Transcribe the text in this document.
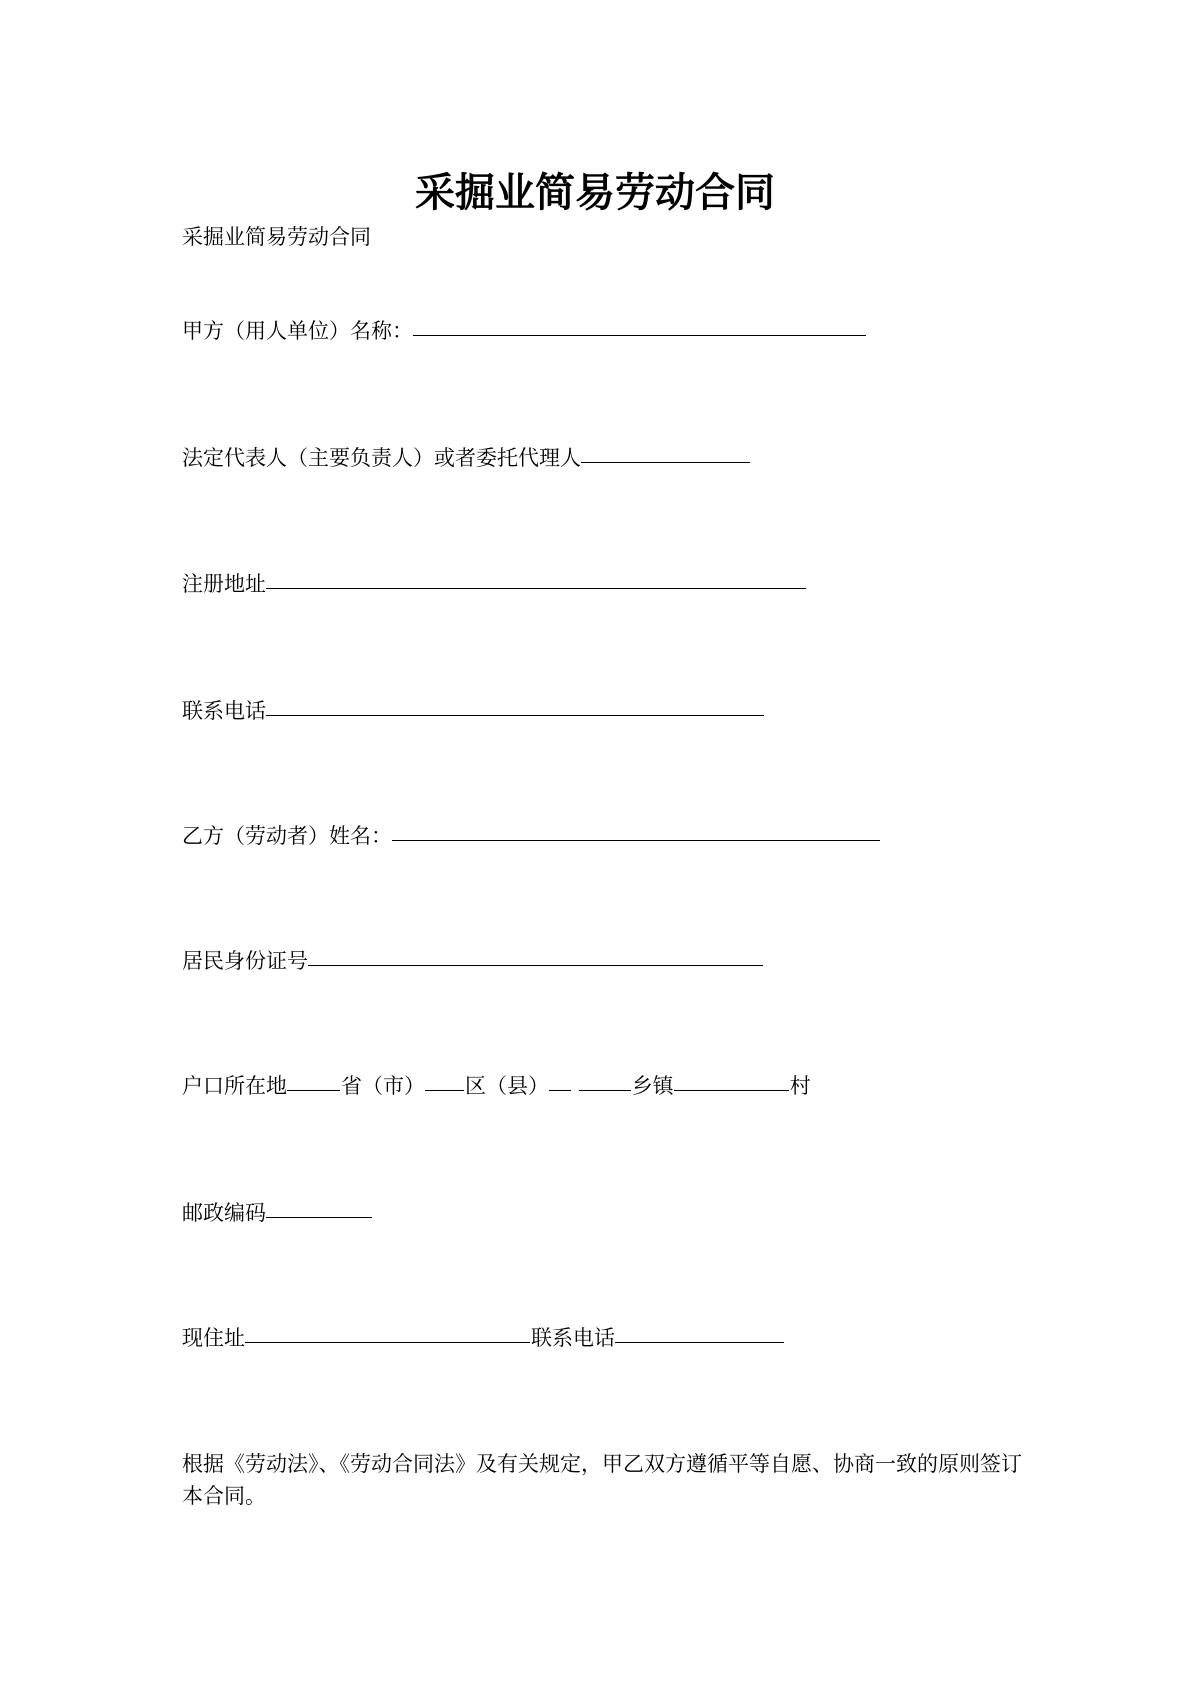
采掘业简易劳动合同
采掘业简易劳动合同
甲方（用人单位）名称：
法定代表人（主要负责人）或者委托代理人
注册地址
联系电话
乙方（劳动者）姓名：
居民身份证号
户口所在地	省（市） 区（县）	乡镇	村
邮政编码
现住址	联系电话
根据《劳动法》、《劳动合同法》及有关规定，甲乙双方遵循平等自愿、协商一致的原则签订本合同。
